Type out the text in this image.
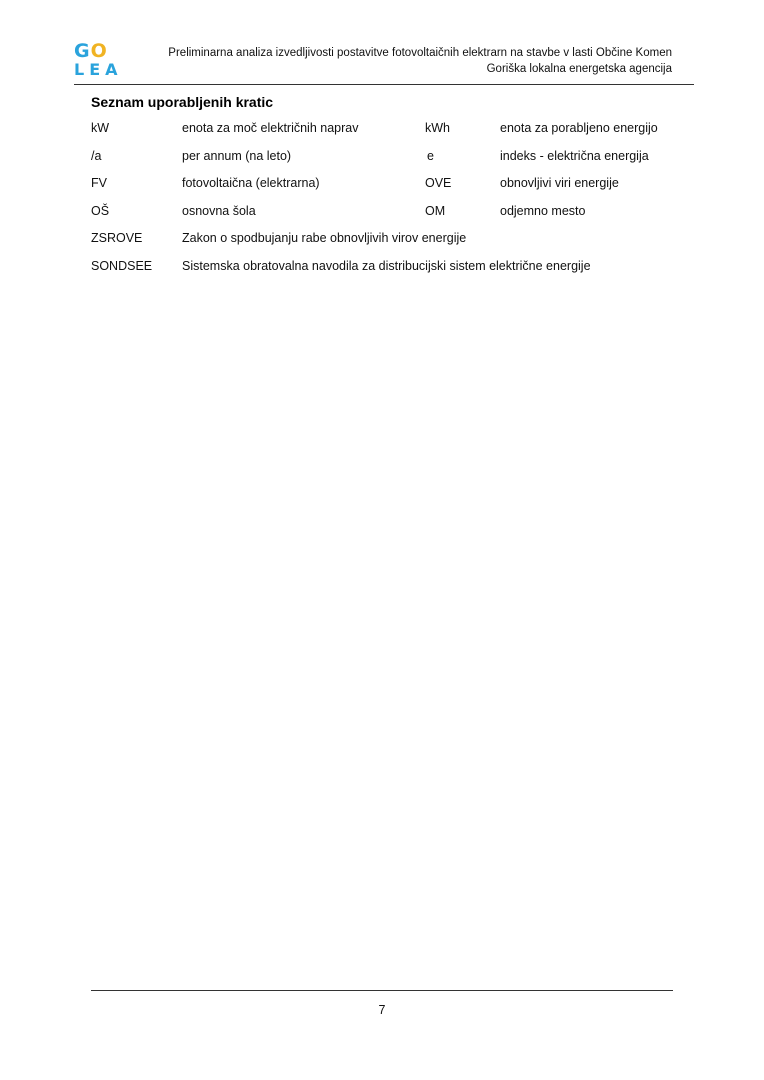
G O
L E A
Preliminarna analiza izvedljivosti postavitve fotovoltaičnih elektrarn na stavbe v lasti Občine Komen
Goriška lokalna energetska agencija
Seznam uporabljenih kratic
kW	enota za moč električnih naprav	kWh	enota za porabljeno energijo
/a	per annum (na leto)	e	indeks - električna energija
FV	fotovoltaična (elektrarna)	OVE	obnovljivi viri energije
OŠ	osnovna šola	OM	odjemno mesto
ZSROVE	Zakon o spodbujanju rabe obnovljivih virov energije
SONDSEE Sistemska obratovalna navodila za distribucijski sistem električne energije
7
